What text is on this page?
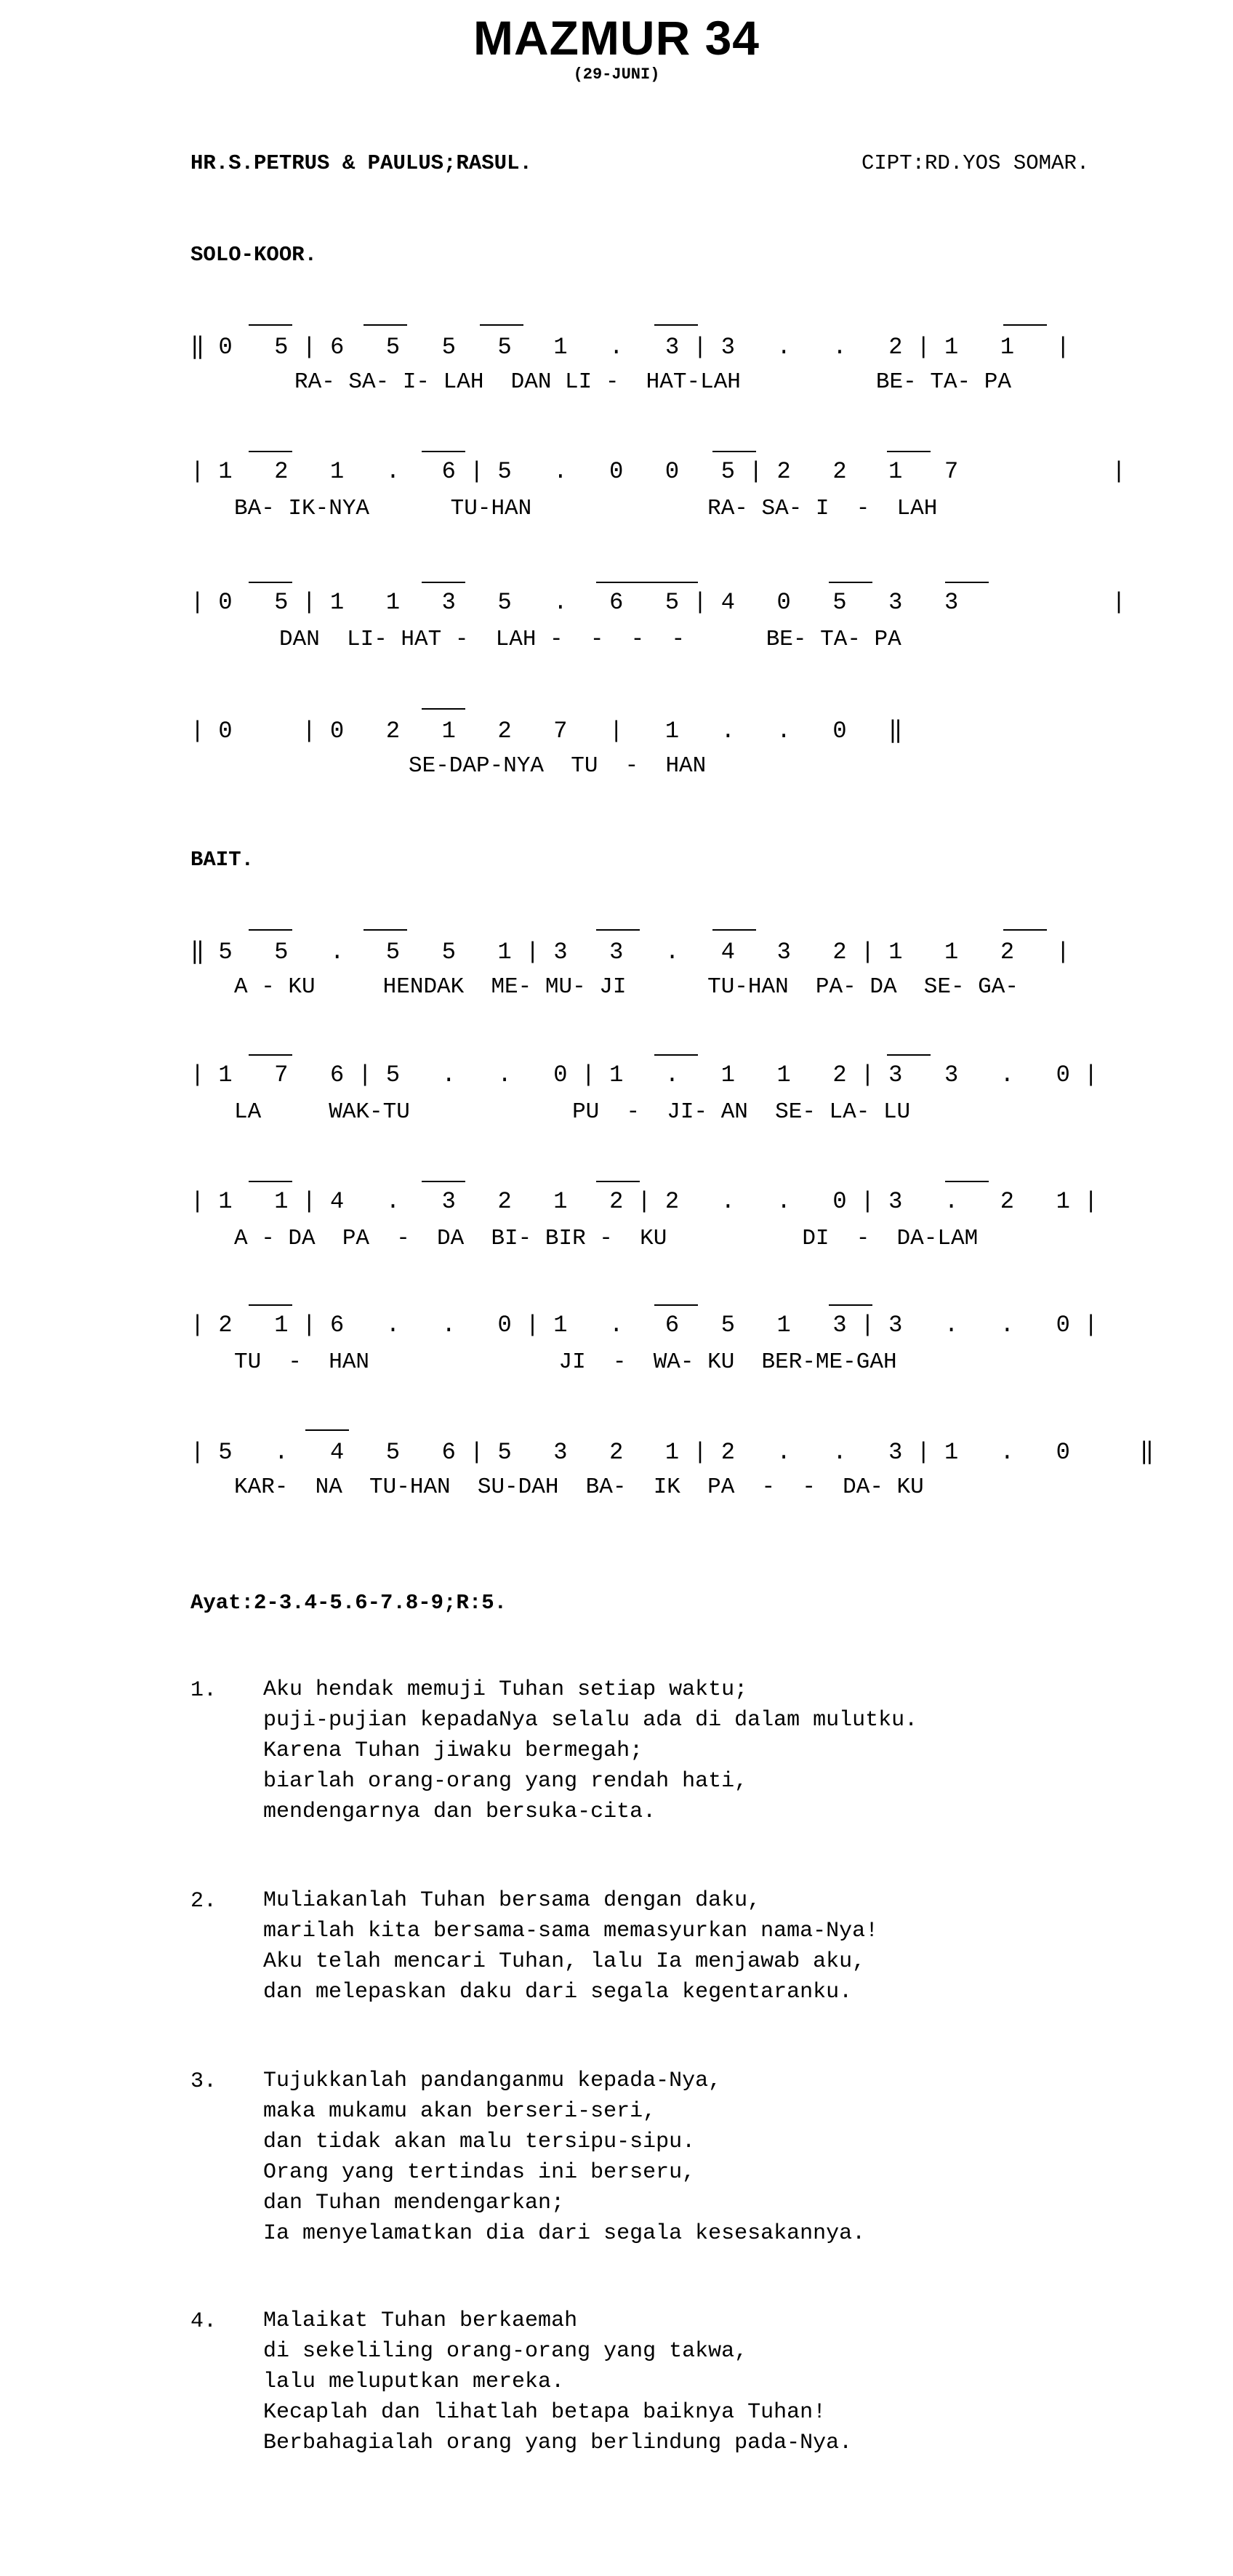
MAZMUR 34
(29-JUNI)
HR.S.PETRUS & PAULUS;RASUL.	CIPT:RD.YOS SOMAR.
SOLO-KOOR.
‖ 0   5 | 6   5   5   5   1   .   3 | 3   .   .   2 | 1   1   |
RA- SA- I- LAH  DAN LI -  HAT-LAH          BE- TA- PA
| 1   2   1   .   6 | 5   .   0   0   5 | 2   2   1   7           |
BA- IK-NYA      TU-HAN             RA- SA- I  -  LAH
| 0   5 | 1   1   3   5   .   6   5 | 4   0   5   3   3           |
DAN  LI- HAT -  LAH -  -  -  -      BE- TA- PA
| 0     | 0   2   1   2   7   |   1   .   .   0   ‖
SE-DAP-NYA  TU  -  HAN
BAIT.
‖ 5   5   .   5   5   1 | 3   3   .   4   3   2 | 1   1   2   |
A - KU     HENDAK  ME- MU- JI      TU-HAN  PA- DA  SE- GA-
| 1   7   6 | 5   .   .   0 | 1   .   1   1   2 | 3   3   .   0 |
LA     WAK-TU            PU  -  JI- AN  SE- LA- LU
| 1   1 | 4   .   3   2   1   2 | 2   .   .   0 | 3   .   2   1 |
A - DA  PA  -  DA  BI- BIR -  KU          DI  -  DA-LAM
| 2   1 | 6   .   .   0 | 1   .   6   5   1   3 | 3   .   .   0 |
TU  -  HAN              JI  -  WA- KU  BER-ME-GAH
| 5   .   4   5   6 | 5   3   2   1 | 2   .   .   3 | 1   .   0     ‖
KAR-  NA  TU-HAN  SU-DAH  BA-  IK  PA  -  -  DA- KU
Ayat:2-3.4-5.6-7.8-9;R:5.
1. Aku hendak memuji Tuhan setiap waktu;
puji-pujian kepadaNya selalu ada di dalam mulutku.
Karena Tuhan jiwaku bermegah;
biarlah orang-orang yang rendah hati,
mendengarnya dan bersuka-cita.
2. Muliakanlah Tuhan bersama dengan daku,
marilah kita bersama-sama memasyurkan nama-Nya!
Aku telah mencari Tuhan, lalu Ia menjawab aku,
dan melepaskan daku dari segala kegentaranku.
3. Tujukkanlah pandanganmu kepada-Nya,
maka mukamu akan berseri-seri,
dan tidak akan malu tersipu-sipu.
Orang yang tertindas ini berseru,
dan Tuhan mendengarkan;
Ia menyelamatkan dia dari segala kesesakannya.
4. Malaikat Tuhan berkaemah
di sekeliling orang-orang yang takwa,
lalu meluputkan mereka.
Kecaplah dan lihatlah betapa baiknya Tuhan!
Berbahagialah orang yang berlindung pada-Nya.
